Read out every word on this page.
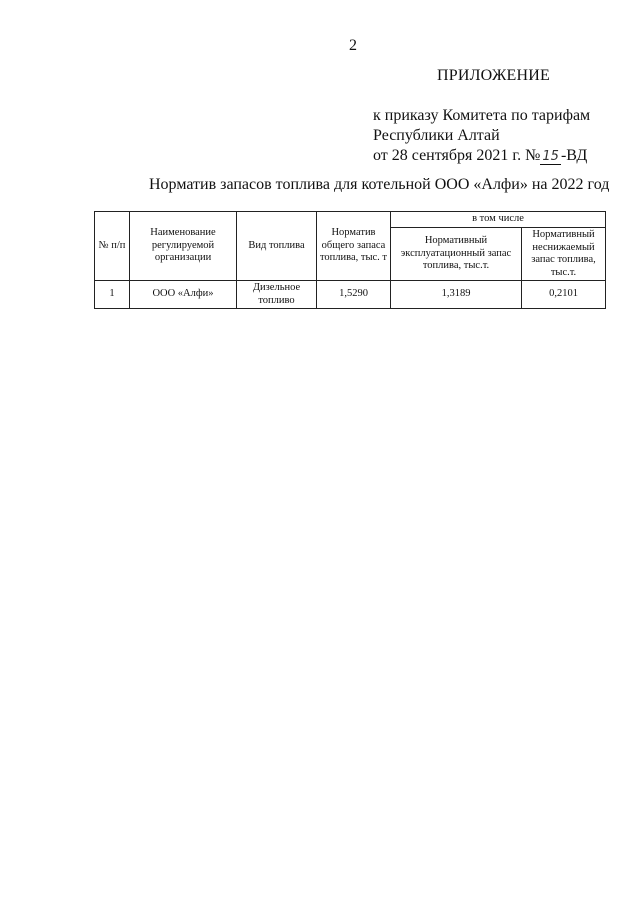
2
ПРИЛОЖЕНИЕ
к приказу Комитета по тарифам
Республики Алтай
от 28 сентября 2021 г. № 15 -ВД
Норматив запасов топлива для котельной ООО «Алфи» на 2022 год
№ п/п	Наименование регулируемой организации	Вид топлива	Норматив общего запаса топлива, тыс. т	в том числе	
				Нормативный эксплуатационный запас топлива, тыс.т.	Нормативный неснижаемый запас топлива, тыс.т.
1	ООО «Алфи»	Дизельное топливо	1,5290	1,3189	0,2101
